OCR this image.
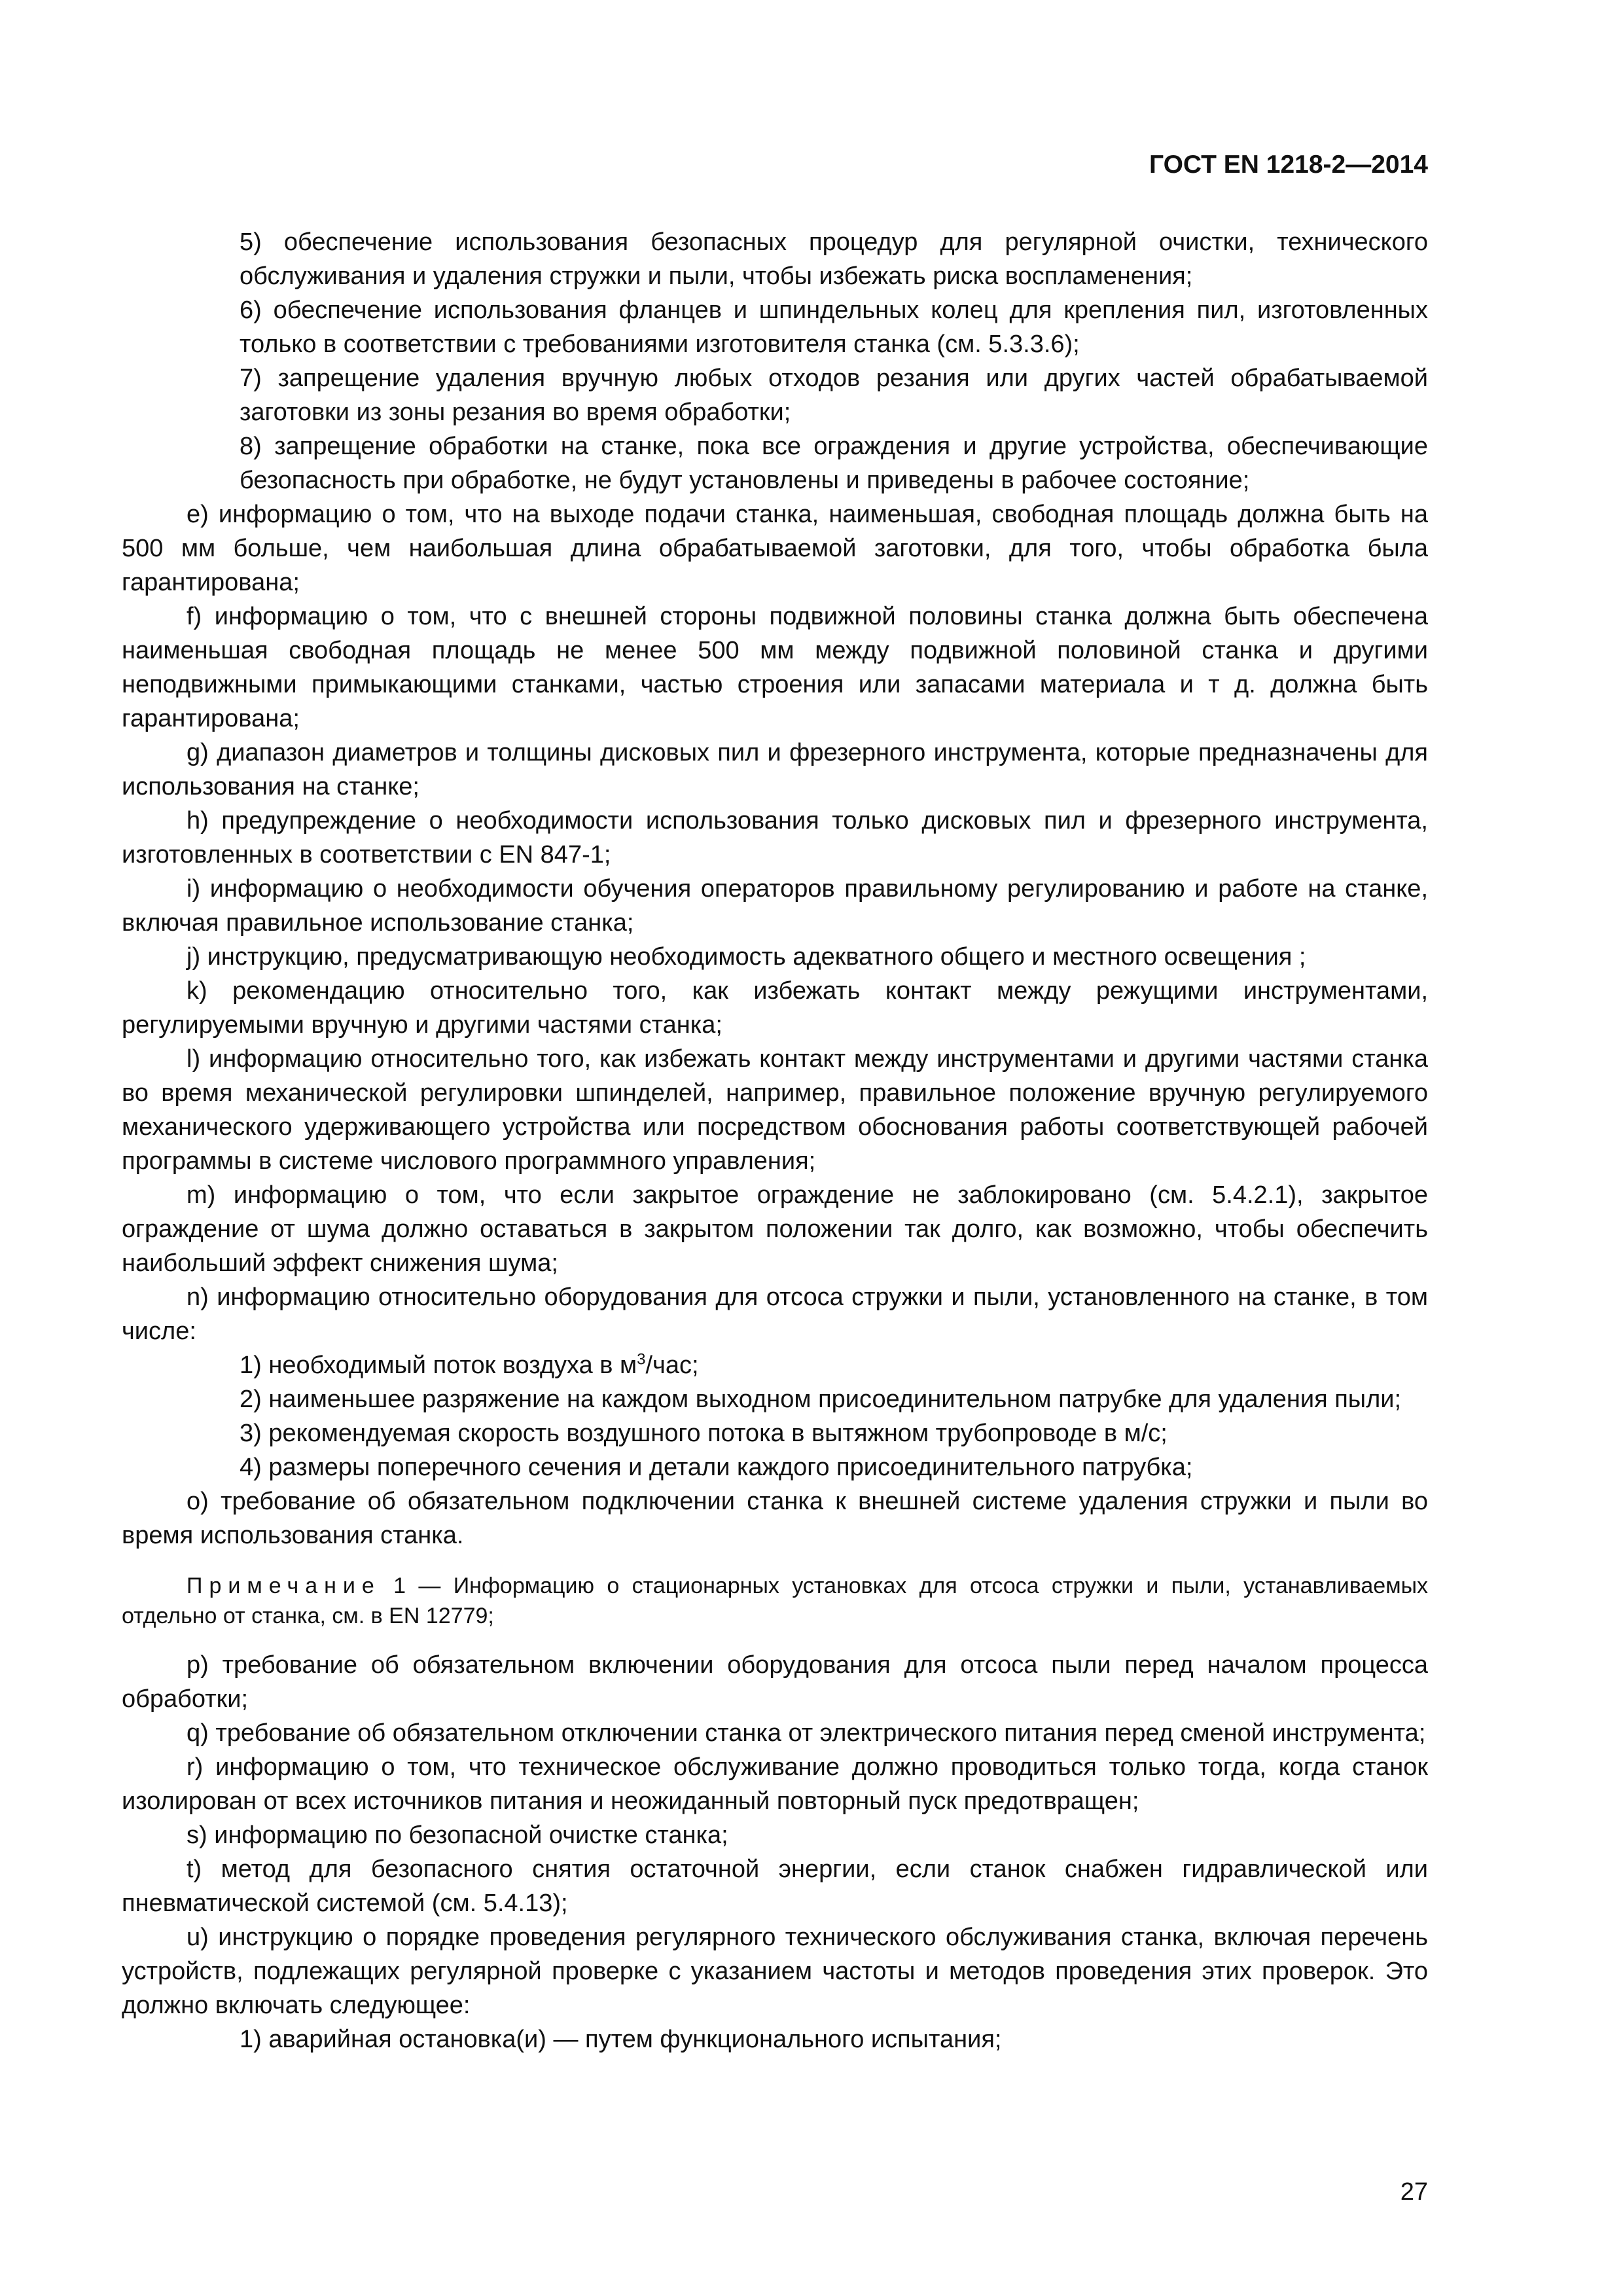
ГОСТ EN 1218-2—2014

5) обеспечение использования безопасных процедур для регулярной очистки, технического обслуживания и удаления стружки и пыли, чтобы избежать риска воспламенения;

6) обеспечение использования фланцев и шпиндельных колец для крепления пил, изготовленных только в соответствии с требованиями изготовителя станка (см. 5.3.3.6);

7) запрещение удаления вручную любых отходов резания или других частей обрабатываемой заготовки из зоны резания во время обработки;

8) запрещение обработки на станке, пока все ограждения и другие устройства, обеспечивающие безопасность при обработке, не будут установлены и приведены в рабочее состояние;

e) информацию о том, что на выходе подачи станка, наименьшая, свободная площадь должна быть на 500 мм больше, чем наибольшая длина обрабатываемой заготовки, для того, чтобы обработка была гарантирована;

f) информацию о том, что с внешней стороны подвижной половины станка должна быть обеспечена наименьшая свободная площадь не менее 500 мм между подвижной половиной станка и другими неподвижными примыкающими станками, частью строения или запасами материала и т д. должна быть гарантирована;

g) диапазон диаметров и толщины дисковых пил и фрезерного инструмента, которые предназначены для использования на станке;

h) предупреждение о необходимости использования только дисковых пил и фрезерного инструмента, изготовленных в соответствии с EN 847-1;

i) информацию о необходимости обучения операторов правильному регулированию и работе на станке, включая правильное использование станка;

j) инструкцию, предусматривающую необходимость адекватного общего и местного освещения ;

k) рекомендацию относительно того, как избежать контакт между режущими инструментами, регулируемыми вручную и другими частями станка;

l) информацию относительно того, как избежать контакт между инструментами и другими частями станка во время механической регулировки шпинделей, например, правильное положение вручную регулируемого механического удерживающего устройства или посредством обоснования работы соответствующей рабочей программы в системе числового программного управления;

m) информацию о том, что если закрытое ограждение не заблокировано (см. 5.4.2.1), закрытое ограждение от шума должно оставаться в закрытом положении так долго, как возможно, чтобы обеспечить наибольший эффект снижения шума;

n) информацию относительно оборудования для отсоса стружки и пыли, установленного на станке, в том числе:

1) необходимый поток воздуха в $м^3$/час;

2) наименьшее разряжение на каждом выходном присоединительном патрубке для удаления пыли;

3) рекомендуемая скорость воздушного потока в вытяжном трубопроводе в м/с;

4) размеры поперечного сечения и детали каждого присоединительного патрубка;

o) требование об обязательном подключении станка к внешней системе удаления стружки и пыли во время использования станка.

Примечание 1 — Информацию о стационарных установках для отсоса стружки и пыли, устанавливаемых отдельно от станка, см. в EN 12779;

p) требование об обязательном включении оборудования для отсоса пыли перед началом процесса обработки;

q) требование об обязательном отключении станка от электрического питания перед сменой инструмента;

r) информацию о том, что техническое обслуживание должно проводиться только тогда, когда станок изолирован от всех источников питания и неожиданный повторный пуск предотвращен;

s) информацию по безопасной очистке станка;

t) метод для безопасного снятия остаточной энергии, если станок снабжен гидравлической или пневматической системой (см. 5.4.13);

u) инструкцию о порядке проведения регулярного технического обслуживания станка, включая перечень устройств, подлежащих регулярной проверке с указанием частоты и методов проведения этих проверок. Это должно включать следующее:

1) аварийная остановка(и) — путем функционального испытания;

27
